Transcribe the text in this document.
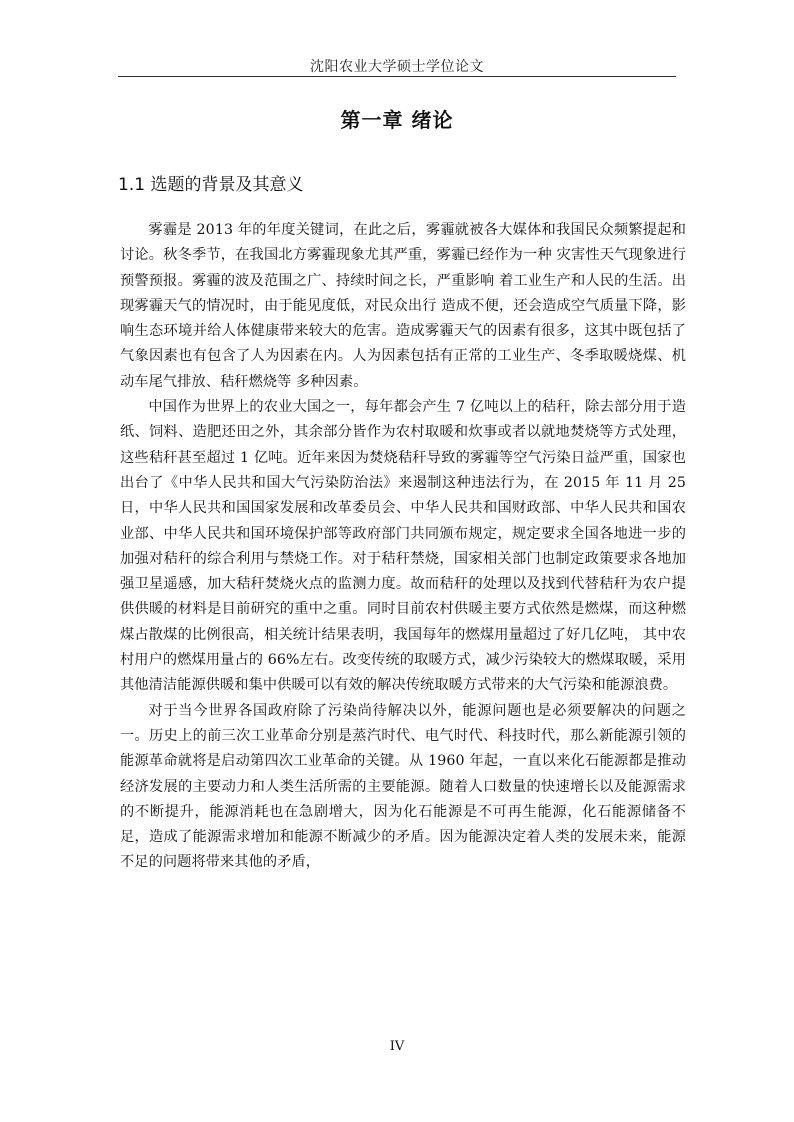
沈阳农业大学硕士学位论文
第一章 绪论
1.1 选题的背景及其意义

雾霾是 2013 年的年度关键词，在此之后，雾霾就被各大媒体和我国民众频繁提起和讨论。秋冬季节，在我国北方雾霾现象尤其严重，雾霾已经作为一种 灾害性天气现象进行预警预报。雾霾的波及范围之广、持续时间之长，严重影响 着工业生产和人民的生活。出现雾霾天气的情况时，由于能见度低，对民众出行 造成不便，还会造成空气质量下降，影响生态环境并给人体健康带来较大的危害。造成雾霾天气的因素有很多，这其中既包括了气象因素也有包含了人为因素在内。人为因素包括有正常的工业生产、冬季取暖烧煤、机动车尾气排放、秸秆燃烧等 多种因素。

中国作为世界上的农业大国之一，每年都会产生 7 亿吨以上的秸秆，除去部分用于造纸、饲料、造肥还田之外，其余部分皆作为农村取暖和炊事或者以就地焚烧等方式处理，这些秸秆甚至超过 1 亿吨。近年来因为焚烧秸秆导致的雾霾等空气污染日益严重，国家也出台了《中华人民共和国大气污染防治法》来遏制这种违法行为，在 2015 年 11 月 25 日，中华人民共和国国家发展和改革委员会、中华人民共和国财政部、中华人民共和国农业部、中华人民共和国环境保护部等政府部门共同颁布规定，规定要求全国各地进一步的加强对秸秆的综合利用与禁烧工作。对于秸秆禁烧，国家相关部门也制定政策要求各地加强卫星遥感，加大秸秆焚烧火点的监测力度。故而秸秆的处理以及找到代替秸秆为农户提供供暖的材料是目前研究的重中之重。同时目前农村供暖主要方式依然是燃煤，而这种燃煤占散煤的比例很高，相关统计结果表明，我国每年的燃煤用量超过了好几亿吨， 其中农村用户的燃煤用量占的 66%左右。改变传统的取暖方式，减少污染较大的燃煤取暖，采用其他清洁能源供暖和集中供暖可以有效的解决传统取暖方式带来的大气污染和能源浪费。

对于当今世界各国政府除了污染尚待解决以外，能源问题也是必须要解决的问题之一。历史上的前三次工业革命分别是蒸汽时代、电气时代、科技时代，那么新能源引领的能源革命就将是启动第四次工业革命的关键。从 1960 年起，一直以来化石能源都是推动经济发展的主要动力和人类生活所需的主要能源。随着人口数量的快速增长以及能源需求的不断提升，能源消耗也在急剧增大，因为化石能源是不可再生能源，化石能源储备不足，造成了能源需求增加和能源不断减少的矛盾。因为能源决定着人类的发展未来，能源不足的问题将带来其他的矛盾，

IV
